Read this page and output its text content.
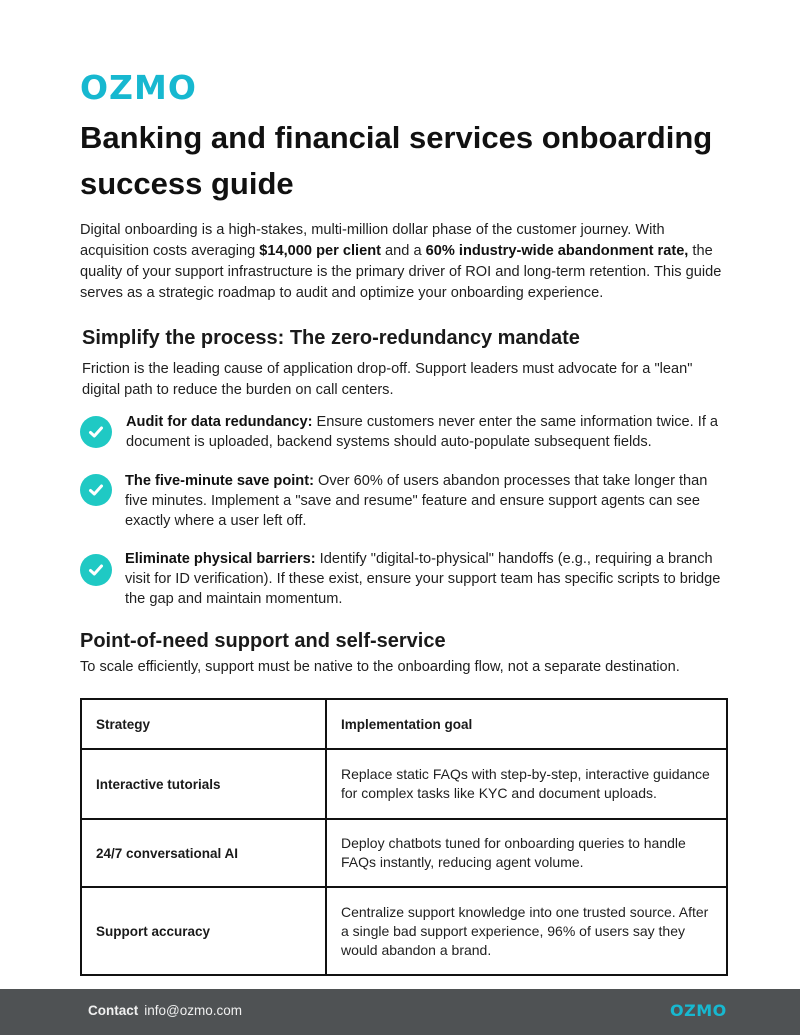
OZMO
Banking and financial services onboarding success guide

Digital onboarding is a high-stakes, multi-million dollar phase of the customer journey. With acquisition costs averaging $14,000 per client and a 60% industry-wide abandonment rate, the quality of your support infrastructure is the primary driver of ROI and long-term retention. This guide serves as a strategic roadmap to audit and optimize your onboarding experience.

Simplify the process: The zero-redundancy mandate

Friction is the leading cause of application drop-off. Support leaders must advocate for a "lean" digital path to reduce the burden on call centers.

Audit for data redundancy: Ensure customers never enter the same information twice. If a document is uploaded, backend systems should auto-populate subsequent fields.

The five-minute save point: Over 60% of users abandon processes that take longer than five minutes. Implement a "save and resume" feature and ensure support agents can see exactly where a user left off.

Eliminate physical barriers: Identify "digital-to-physical" handoffs (e.g., requiring a branch visit for ID verification). If these exist, ensure your support team has specific scripts to bridge the gap and maintain momentum.

Point-of-need support and self-service

To scale efficiently, support must be native to the onboarding flow, not a separate destination.

Strategy	Implementation goal
Interactive tutorials	Replace static FAQs with step-by-step, interactive guidance for complex tasks like KYC and document uploads.
24/7 conversational AI	Deploy chatbots tuned for onboarding queries to handle FAQs instantly, reducing agent volume.
Support accuracy	Centralize support knowledge into one trusted source. After a single bad support experience, 96% of users say they would abandon a brand.
Contact info@ozmo.com	OZMO
